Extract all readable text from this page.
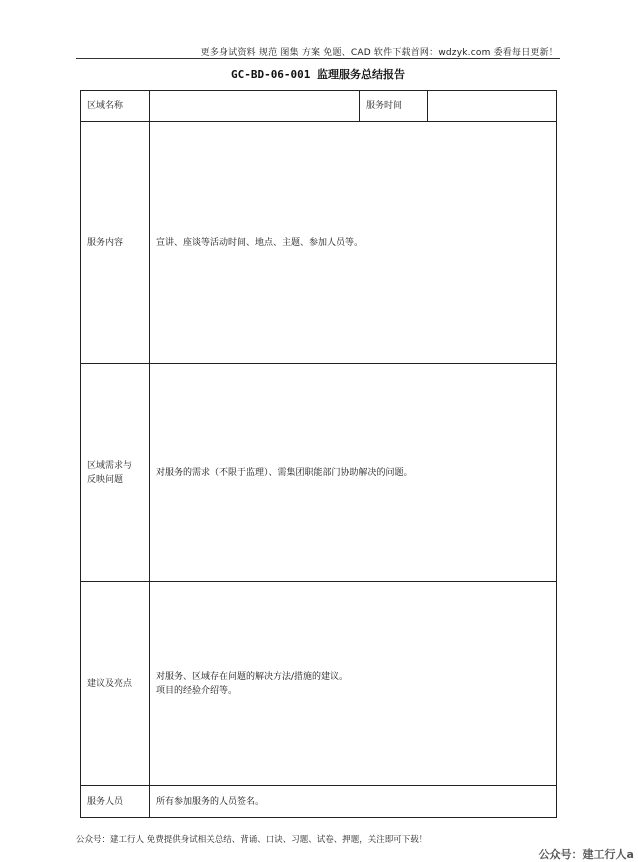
更多身试资料 规范 图集 方案 免题、CAD 软件下载首网：wdzyk.com 委看每日更新！
GC-BD-06-001 监理服务总结报告
区域名称		服务时间	
服务内容	宣讲、座谈等活动时间、地点、主题、参加人员等。		

区域需求与
反映问题	对服务的需求（不限于监理）、需集团职能部门协助解决的问题。		
建议及亮点	对服务、区域存在问题的解决方法/措施的建议。
项目的经验介绍等。		

服务人员	所有参加服务的人员签名。		
公众号：建工行人 免费提供身试相关总结、背诵、口诀、习题、试卷、押题，关注即可下载！
公众号：建工行人a
